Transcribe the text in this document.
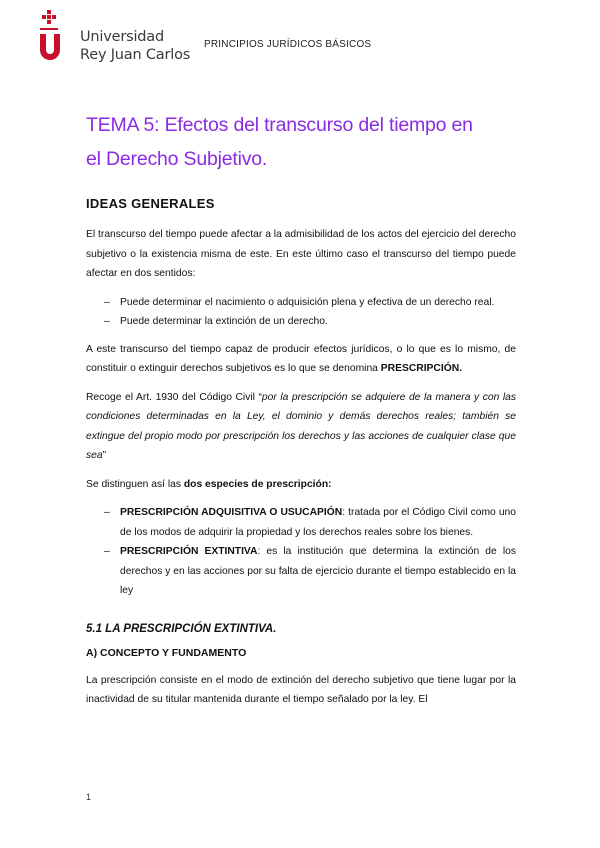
Universidad
Rey Juan Carlos
PRINCIPIOS JURÍDICOS BÁSICOS
TEMA 5: Efectos del transcurso del tiempo en
el Derecho Subjetivo.
IDEAS GENERALES

El transcurso del tiempo puede afectar a la admisibilidad de los actos del ejercicio del derecho subjetivo o la existencia misma de este. En este último caso el transcurso del tiempo puede afectar en dos sentidos:

– Puede determinar el nacimiento o adquisición plena y efectiva de un derecho real.
– Puede determinar la extinción de un derecho.

A este transcurso del tiempo capaz de producir efectos jurídicos, o lo que es lo mismo, de constituir o extinguir derechos subjetivos es lo que se denomina PRESCRIPCIÓN.

Recoge el Art. 1930 del Código Civil “por la prescripción se adquiere de la manera y con las condiciones determinadas en la Ley, el dominio y demás derechos reales; también se extingue del propio modo por prescripción los derechos y las acciones de cualquier clase que sea”

Se distinguen así las dos especies de prescripción:

– PRESCRIPCIÓN ADQUISITIVA O USUCAPIÓN: tratada por el Código Civil como uno de los modos de adquirir la propiedad y los derechos reales sobre los bienes.
– PRESCRIPCIÓN EXTINTIVA: es la institución que determina la extinción de los derechos y en las acciones por su falta de ejercicio durante el tiempo establecido en la ley
5.1 LA PRESCRIPCIÓN EXTINTIVA.
A) CONCEPTO Y FUNDAMENTO

La prescripción consiste en el modo de extinción del derecho subjetivo que tiene lugar por la inactividad de su titular mantenida durante el tiempo señalado por la ley. El

1
